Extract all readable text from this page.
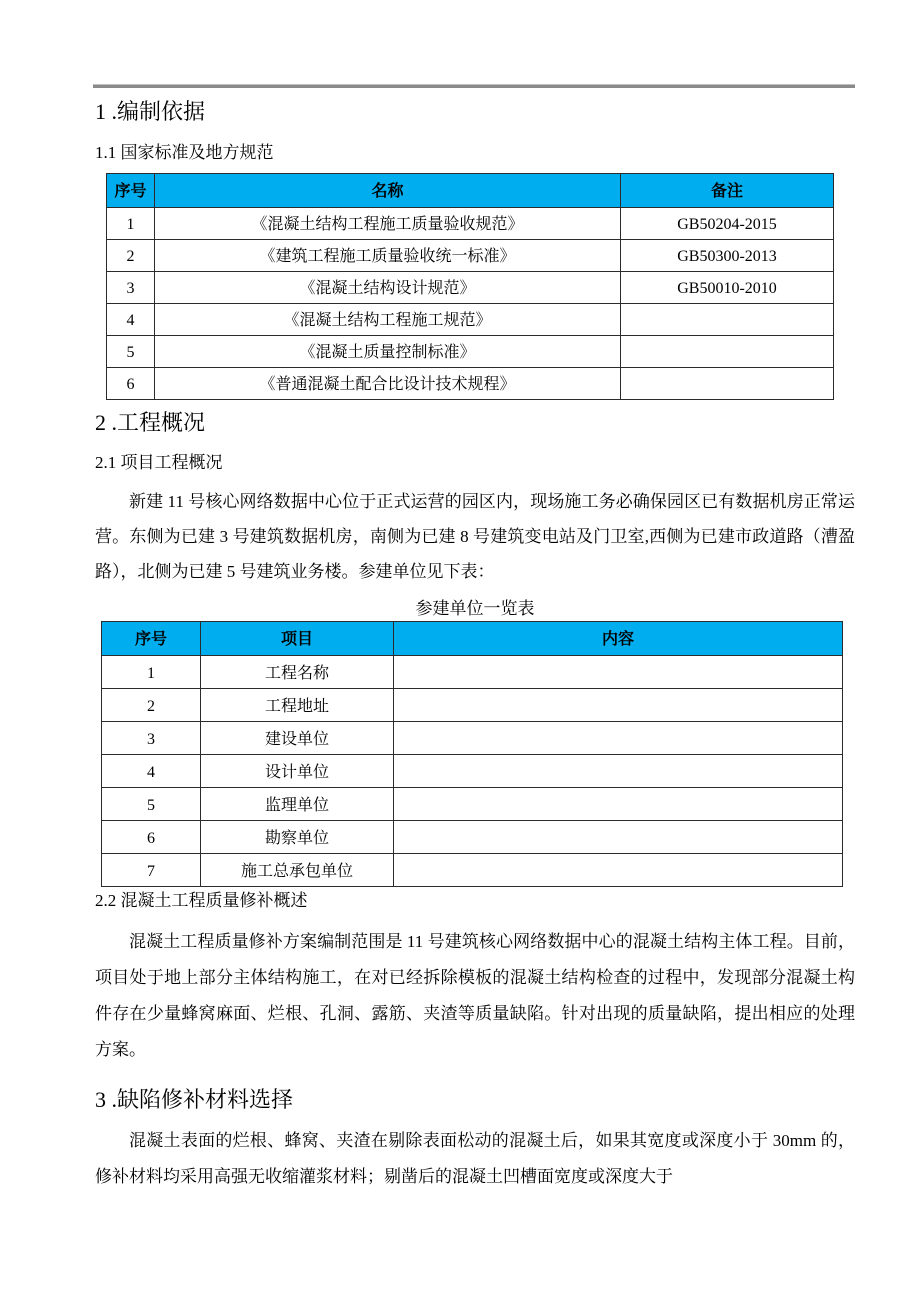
1 .编制依据
1.1 国家标准及地方规范
序号	名称	备注
1	《混凝土结构工程施工质量验收规范》	GB50204-2015
2	《建筑工程施工质量验收统一标准》	GB50300-2013
3	《混凝土结构设计规范》	GB50010-2010
4	《混凝土结构工程施工规范》	
5	《混凝土质量控制标准》	
6	《普通混凝土配合比设计技术规程》	
2 .工程概况
2.1 项目工程概况
新建 11 号核心网络数据中心位于正式运营的园区内，现场施工务必确保园区已有数据机房正常运营。东侧为已建 3 号建筑数据机房，南侧为已建 8 号建筑变电站及门卫室,西侧为已建市政道路（漕盈路），北侧为已建 5 号建筑业务楼。参建单位见下表：
参建单位一览表
序号	项目	内容
1	工程名称	
2	工程地址	
3	建设单位	
4	设计单位	
5	监理单位	
6	勘察单位	
7	施工总承包单位	
2.2 混凝土工程质量修补概述
混凝土工程质量修补方案编制范围是 11 号建筑核心网络数据中心的混凝土结构主体工程。目前，项目处于地上部分主体结构施工，在对已经拆除模板的混凝土结构检查的过程中，发现部分混凝土构件存在少量蜂窝麻面、烂根、孔洞、露筋、夹渣等质量缺陷。针对出现的质量缺陷，提出相应的处理方案。
3 .缺陷修补材料选择
混凝土表面的烂根、蜂窝、夹渣在剔除表面松动的混凝土后，如果其宽度或深度小于 30mm 的，修补材料均采用高强无收缩灌浆材料；剔凿后的混凝土凹槽面宽度或深度大于
